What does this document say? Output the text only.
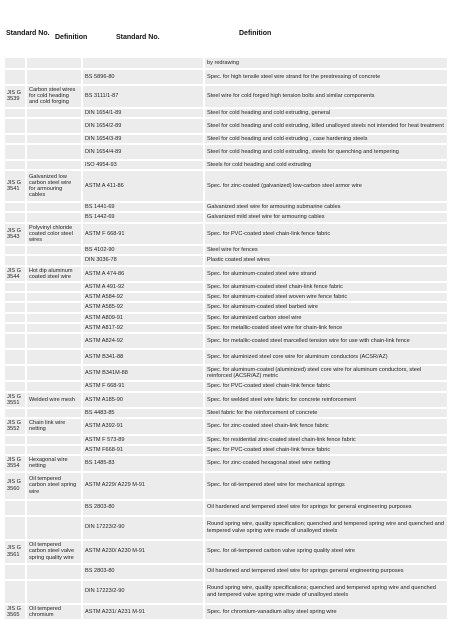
Standard No.
Definition	Standard No.
Definition
			by redrawing
		BS 5896-80	Spec. for high tensile steel wire strand for the prestressing of concrete
JIS G 3539	Carbon steel wires for cold heading and cold forging	BS 3111/1-87	Steel wire for cold forged high tension bolts and similar components
		DIN 1654/1-89	Steel for cold heading and cold extruding, general
		DIN 1654/2-89	Steel for cold heading and cold extruding, killed unalloyed steels not intended for heat treatment
		DIN 1654/3-89	Steel for cold heading and cold extruding , case hardening steels
		DIN 1654/4-89	Steel for cold heading and cold extruding, steels for quenching and tempering
		ISO 4954-93	Steels for cold heading and cold extruding
JIS G 3541	Galvanized low carbon steel wire for armouring cables	ASTM A 411-86	Spec. for zinc-coated (galvanized) low-carbon steel armor wire
		BS 1441-69	Galvanized steel wire for armouring submarine cables
		BS 1442-69	Galvanized mild steel wire for armouring cables
JIS G 3543	Polyvinyl chloride coated color steel wires	ASTM F 668-91	Spec. for PVC-coated steel chain-link fence fabric
		BS 4102-90	Steel wire for fences
		DIN 3036-78	Plastic coated steel wires
JIS G 3544	Hot dip aluminum coated steel wire	ASTM A 474-86	Spec. for aluminum-coated steel wire strand
		ASTM A 491-92	Spec. for aluminum-coated steel chain-link fence fabric
		ASTM A584-92	Spec. for aluminum-coated steel woven wire fence fabric
		ASTM A585-92	Spec. for aluminum-coated steel barbed wire
		ASTM A809-91	Spec. for aluminized carbon steel wire
		ASTM A817-92	Spec. for metallic-coated steel wire for chain-link fence
		ASTM A824-92	Spec. for metallic-coated steel marcelled tension wire for use with chain-link fence
		ASTM B341-88	Spec. for aluminized steel core wire for aluminum conductors (ACSR/AZ)
		ASTM B341M-88	Spec. for aluminum-coated (aluminized) steel core wire for aluminum conductors, steel reinforced (ACSR/AZ) metric
		ASTM F 668-91	Spec. for PVC-coated steel chain-link fence fabric
JIS G 3551	Welded wire mesh	ASTM A185-90	Spec. for welded steel wire fabric for concrete reinforcement
		BS 4483-85	Steel fabric for the reinforcement of concrete
JIS G 3552	Chain link wire netting	ASTM A392-91	Spec. for zinc-coated steel chain-link fence fabric
		ASTM F 573-89	Spec. for residential zinc-coated steel chain-link fence fabric
		ASTM F668-91	Spec. for PVC-coated steel chain-link fence fabric
JIS G 3554	Hexagonal wire netting	BS 1485-83	Spec. for zinc-coated hexagonal steel wire netting
JIS G 3560	Oil tempered carbon steel spring wire	ASTM A229/ A229 M-91	Spec. for oil-tempered steel wire for mechanical springs
		BS 2803-80	Oil hardened and tempered steel wire for springs for general engineering purposes
		DIN 17223/2-90	Round spring wire, quality specification; quenched and tempered spring wire and quenched and tempered valve spring wire made of unalloyed steels
JIS G 3561	Oil tempered carbon steel valve spring quality wire	ASTM A230/ A230 M-91	Spec. for oil-tempered carbon valve spring quality steel wire
		BS 2803-80	Oil hardened and tempered steel wire for springs general engineering purposes
		DIN 17223/2-90	Round spring wire, quality specifications; quenched and tempered spring wire and quenched and tempered valve spring wire made of unalloyed steels
JIS G 3565	Oil tempered chromium	ASTM A231/ A231 M-91	Spec. for chromium-vanadium alloy steel spring wire
